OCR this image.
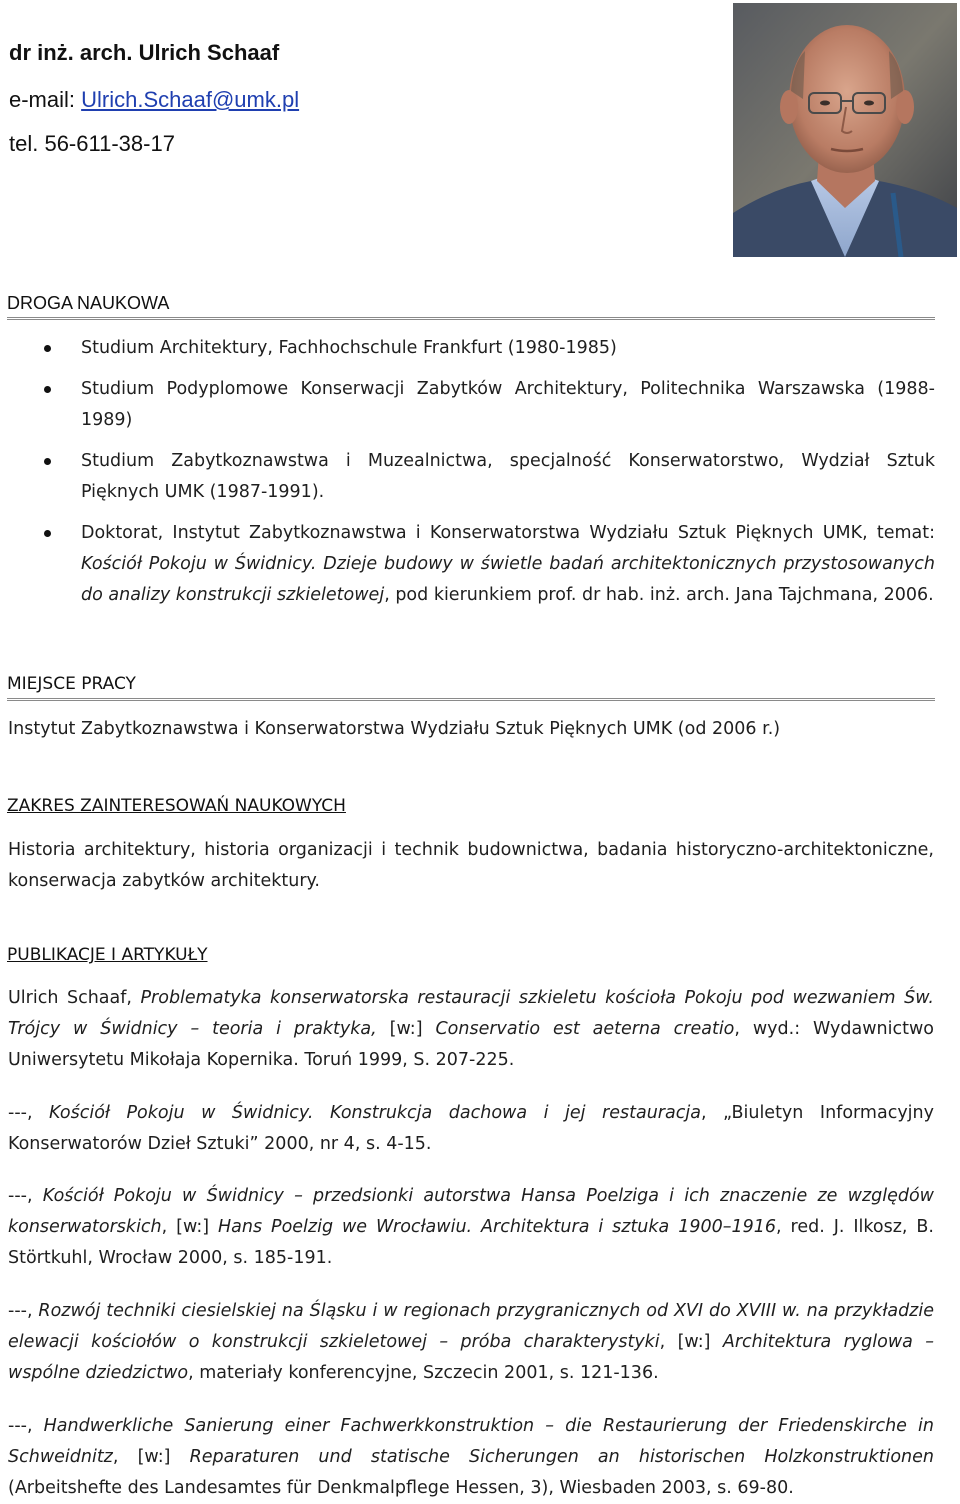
dr inż. arch. Ulrich Schaaf
e-mail: Ulrich.Schaaf@umk.pl
tel. 56-611-38-17
DROGA NAUKOWA
Studium Architektury, Fachhochschule Frankfurt (1980-1985)
Studium Podyplomowe Konserwacji Zabytków Architektury, Politechnika Warszawska (1988-1989)
Studium Zabytkoznawstwa i Muzealnictwa, specjalność Konserwatorstwo, Wydział Sztuk Pięknych UMK (1987-1991).
Doktorat, Instytut Zabytkoznawstwa i Konserwatorstwa Wydziału Sztuk Pięknych UMK, temat: Kościół Pokoju w Świdnicy. Dzieje budowy w świetle badań architektonicznych przystosowanych do analizy konstrukcji szkieletowej, pod kierunkiem prof. dr hab. inż. arch. Jana Tajchmana, 2006.
MIEJSCE PRACY
Instytut Zabytkoznawstwa i Konserwatorstwa Wydziału Sztuk Pięknych UMK (od 2006 r.)
ZAKRES ZAINTERESOWAŃ NAUKOWYCH
Historia architektury, historia organizacji i technik budownictwa, badania historyczno-architektoniczne, konserwacja zabytków architektury.
PUBLIKACJE I ARTYKUŁY
Ulrich Schaaf, Problematyka konserwatorska restauracji szkieletu kościoła Pokoju pod wezwaniem Św. Trójcy w Świdnicy – teoria i praktyka, [w:] Conservatio est aeterna creatio, wyd.: Wydawnictwo Uniwersytetu Mikołaja Kopernika. Toruń 1999, S. 207-225.
---, Kościół Pokoju w Świdnicy. Konstrukcja dachowa i jej restauracja, „Biuletyn Informacyjny Konserwatorów Dzieł Sztuki” 2000, nr 4, s. 4-15.
---, Kościół Pokoju w Świdnicy – przedsionki autorstwa Hansa Poelziga i ich znaczenie ze względów konserwatorskich, [w:] Hans Poelzig we Wrocławiu. Architektura i sztuka 1900–1916, red. J. Ilkosz, B. Störtkuhl, Wrocław 2000, s. 185-191.
---, Rozwój techniki ciesielskiej na Śląsku i w regionach przygranicznych od XVI do XVIII w. na przykładzie elewacji kościołów o konstrukcji szkieletowej – próba charakterystyki, [w:] Architektura ryglowa – wspólne dziedzictwo, materiały konferencyjne, Szczecin 2001, s. 121-136.
---, Handwerkliche Sanierung einer Fachwerkkonstruktion – die Restaurierung der Friedenskirche in Schweidnitz, [w:] Reparaturen und statische Sicherungen an historischen Holzkonstruktionen (Arbeitshefte des Landesamtes für Denkmalpflege Hessen, 3), Wiesbaden 2003, s. 69-80.
